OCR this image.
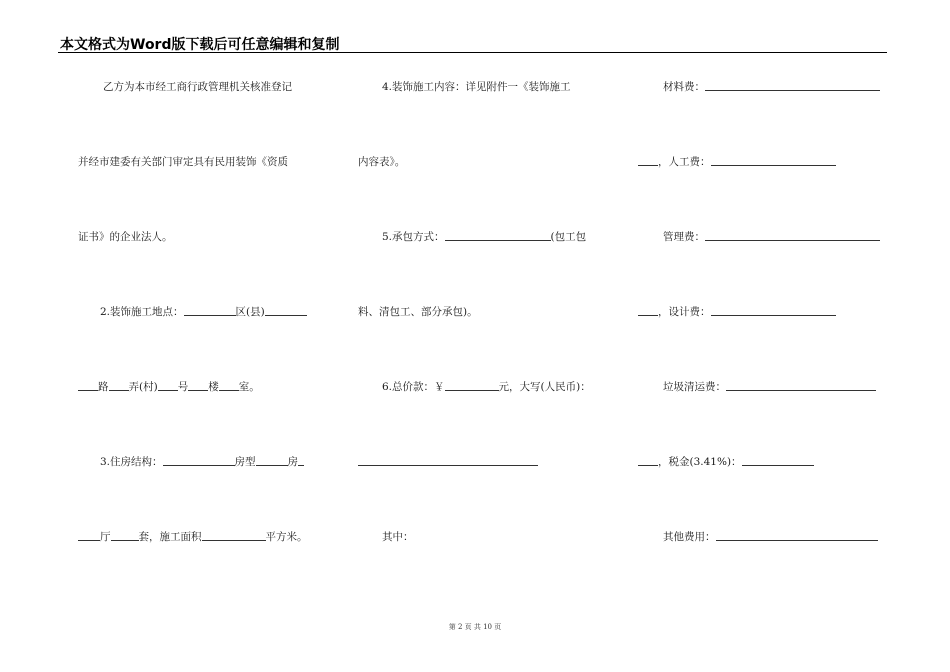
本文格式为Word版下载后可任意编辑和复制
乙方为本市经工商行政管理机关核准登记
并经市建委有关部门审定具有民用装饰《资质
证书》的企业法人。
2.装饰施工地点：	区(县)
路 弄(村) 号 楼 室。
3.住房结构：	房型	房
厅	套，施工面积	平方米。
4.装饰施工内容：详见附件一《装饰施工
内容表》。
5.承包方式：	(包工包
料、清包工、部分承包)。
6.总价款：￥	元，大写(人民币)：
其中：
材料费：
，人工费：
管理费：
，设计费：
垃圾清运费：
，税金(3.41%)：
其他费用：
第 2 页 共 10 页
